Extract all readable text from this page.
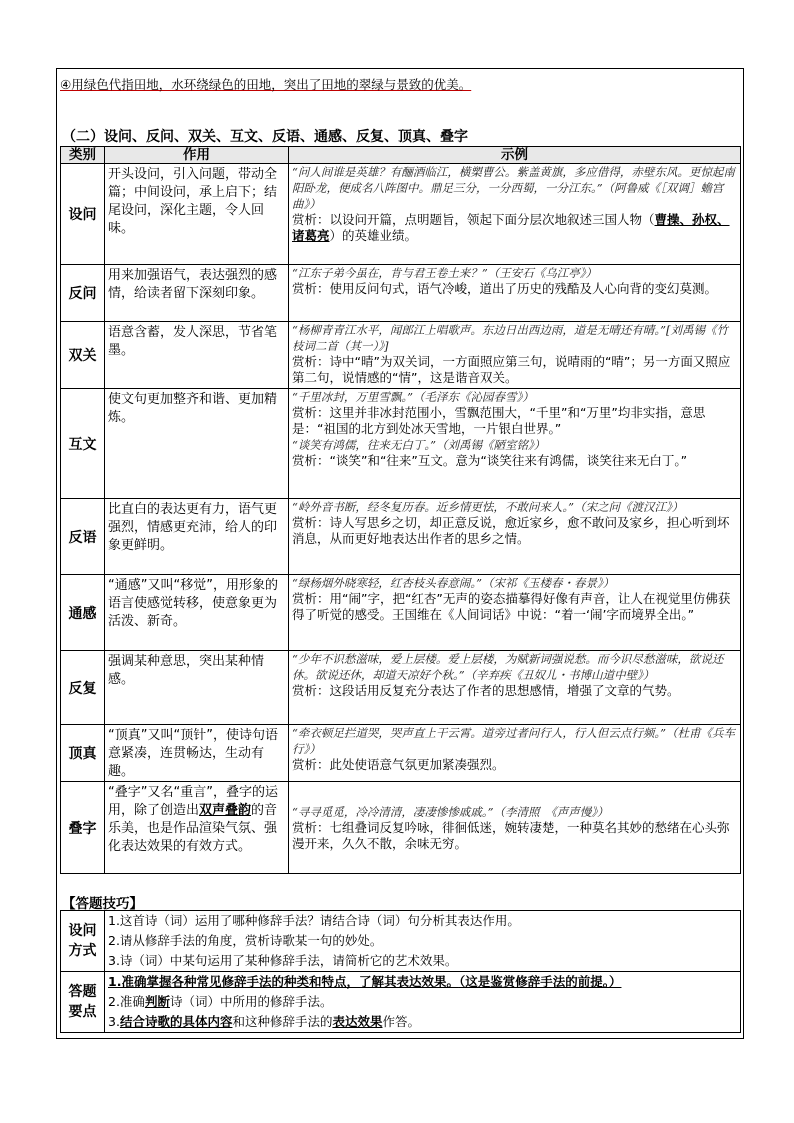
④用绿色代指田地，水环绕绿色的田地，突出了田地的翠绿与景致的优美。
（二）设问、反问、双关、互文、反语、通感、反复、顶真、叠字
类别	作用	示例
设问	开头设问，引入问题，带动全篇；中间设问，承上启下；结尾设问，深化主题，令人回味。	“问人间谁是英雄？有酾酒临江，横槊曹公。紫盖黄旗，多应借得，赤壁东风。更惊起南阳卧龙，便成名八阵图中。鼎足三分，一分西蜀，一分江东。”（阿鲁威《［双调］蟾宫曲》）
赏析：以设问开篇，点明题旨，领起下面分层次地叙述三国人物（曹操、孙权、诸葛亮）的英雄业绩。

反问	用来加强语气，表达强烈的感情，给读者留下深刻印象。	“江东子弟今虽在，肯与君王卷土来？”（王安石《乌江亭》）
赏析：使用反问句式，语气冷峻，道出了历史的残酷及人心向背的变幻莫测。

双关	语意含蓄，发人深思，节省笔墨。	“杨柳青青江水平，闻郎江上唱歌声。东边日出西边雨，道是无晴还有晴。”[刘禹锡《竹枝词二首（其一）》]
赏析：诗中“晴”为双关词，一方面照应第三句，说晴雨的“晴”；另一方面又照应第二句，说情感的“情”，这是谐音双关。

互文	使文句更加整齐和谐、更加精炼。	“千里冰封，万里雪飘。”（毛泽东《沁园春雪》）
赏析：这里并非冰封范围小，雪飘范围大，“千里”和“万里”均非实指，意思是：“祖国的北方到处冰天雪地，一片银白世界。”
“谈笑有鸿儒，往来无白丁。”（刘禹锡《陋室铭》）
赏析：“谈笑”和“往来”互文。意为“谈笑往来有鸿儒，谈笑往来无白丁。”

反语	比直白的表达更有力，语气更强烈，情感更充沛，给人的印象更鲜明。	“岭外音书断，经冬复历春。近乡情更怯，不敢问来人。”（宋之问《渡汉江》）
赏析：诗人写思乡之切，却正意反说，愈近家乡，愈不敢问及家乡，担心听到坏消息，从而更好地表达出作者的思乡之情。

通感	“通感”又叫“移觉”，用形象的语言使感觉转移，使意象更为活泼、新奇。	“绿杨烟外晓寒轻，红杏枝头春意闹。”（宋祁《玉楼春・春景》）
赏析：用“闹”字，把“红杏”无声的姿态描摹得好像有声音，让人在视觉里仿佛获得了听觉的感受。王国维在《人间词话》中说：“着一‘闹’字而境界全出。”

反复	强调某种意思，突出某种情感。	“少年不识愁滋味，爱上层楼。爱上层楼，为赋新词强说愁。而今识尽愁滋味，欲说还休。欲说还休，却道天凉好个秋。”（辛弃疾《丑奴儿・书博山道中壁》）
赏析：这段话用反复充分表达了作者的思想感情，增强了文章的气势。

顶真	“顶真”又叫“顶针”，使诗句语意紧凑，连贯畅达，生动有趣。	“牵衣顿足拦道哭，哭声直上干云霄。道旁过者问行人，行人但云点行频。”（杜甫《兵车行》）
赏析：此处使语意气氛更加紧凑强烈。

叠字	“叠字”又名“重言”，叠字的运用，除了创造出双声叠韵的音乐美，也是作品渲染气氛、强化表达效果的有效方式。	“寻寻觅觅，冷冷清清，凄凄惨惨戚戚。”（李清照　《声声慢》）
赏析：七组叠词反复吟咏，徘徊低迷，婉转凄楚，一种莫名其妙的愁绪在心头弥漫开来，久久不散，余味无穷。
【答题技巧】
设问方式	1.这首诗（词）运用了哪种修辞手法？请结合诗（词）句分析其表达作用。
2.请从修辞手法的角度，赏析诗歌某一句的妙处。
3.诗（词）中某句运用了某种修辞手法，请简析它的艺术效果。

答题要点	1.准确掌握各种常见修辞手法的种类和特点，了解其表达效果。（这是鉴赏修辞手法的前提。）
2.准确判断诗（词）中所用的修辞手法。
3.结合诗歌的具体内容和这种修辞手法的表达效果作答。
